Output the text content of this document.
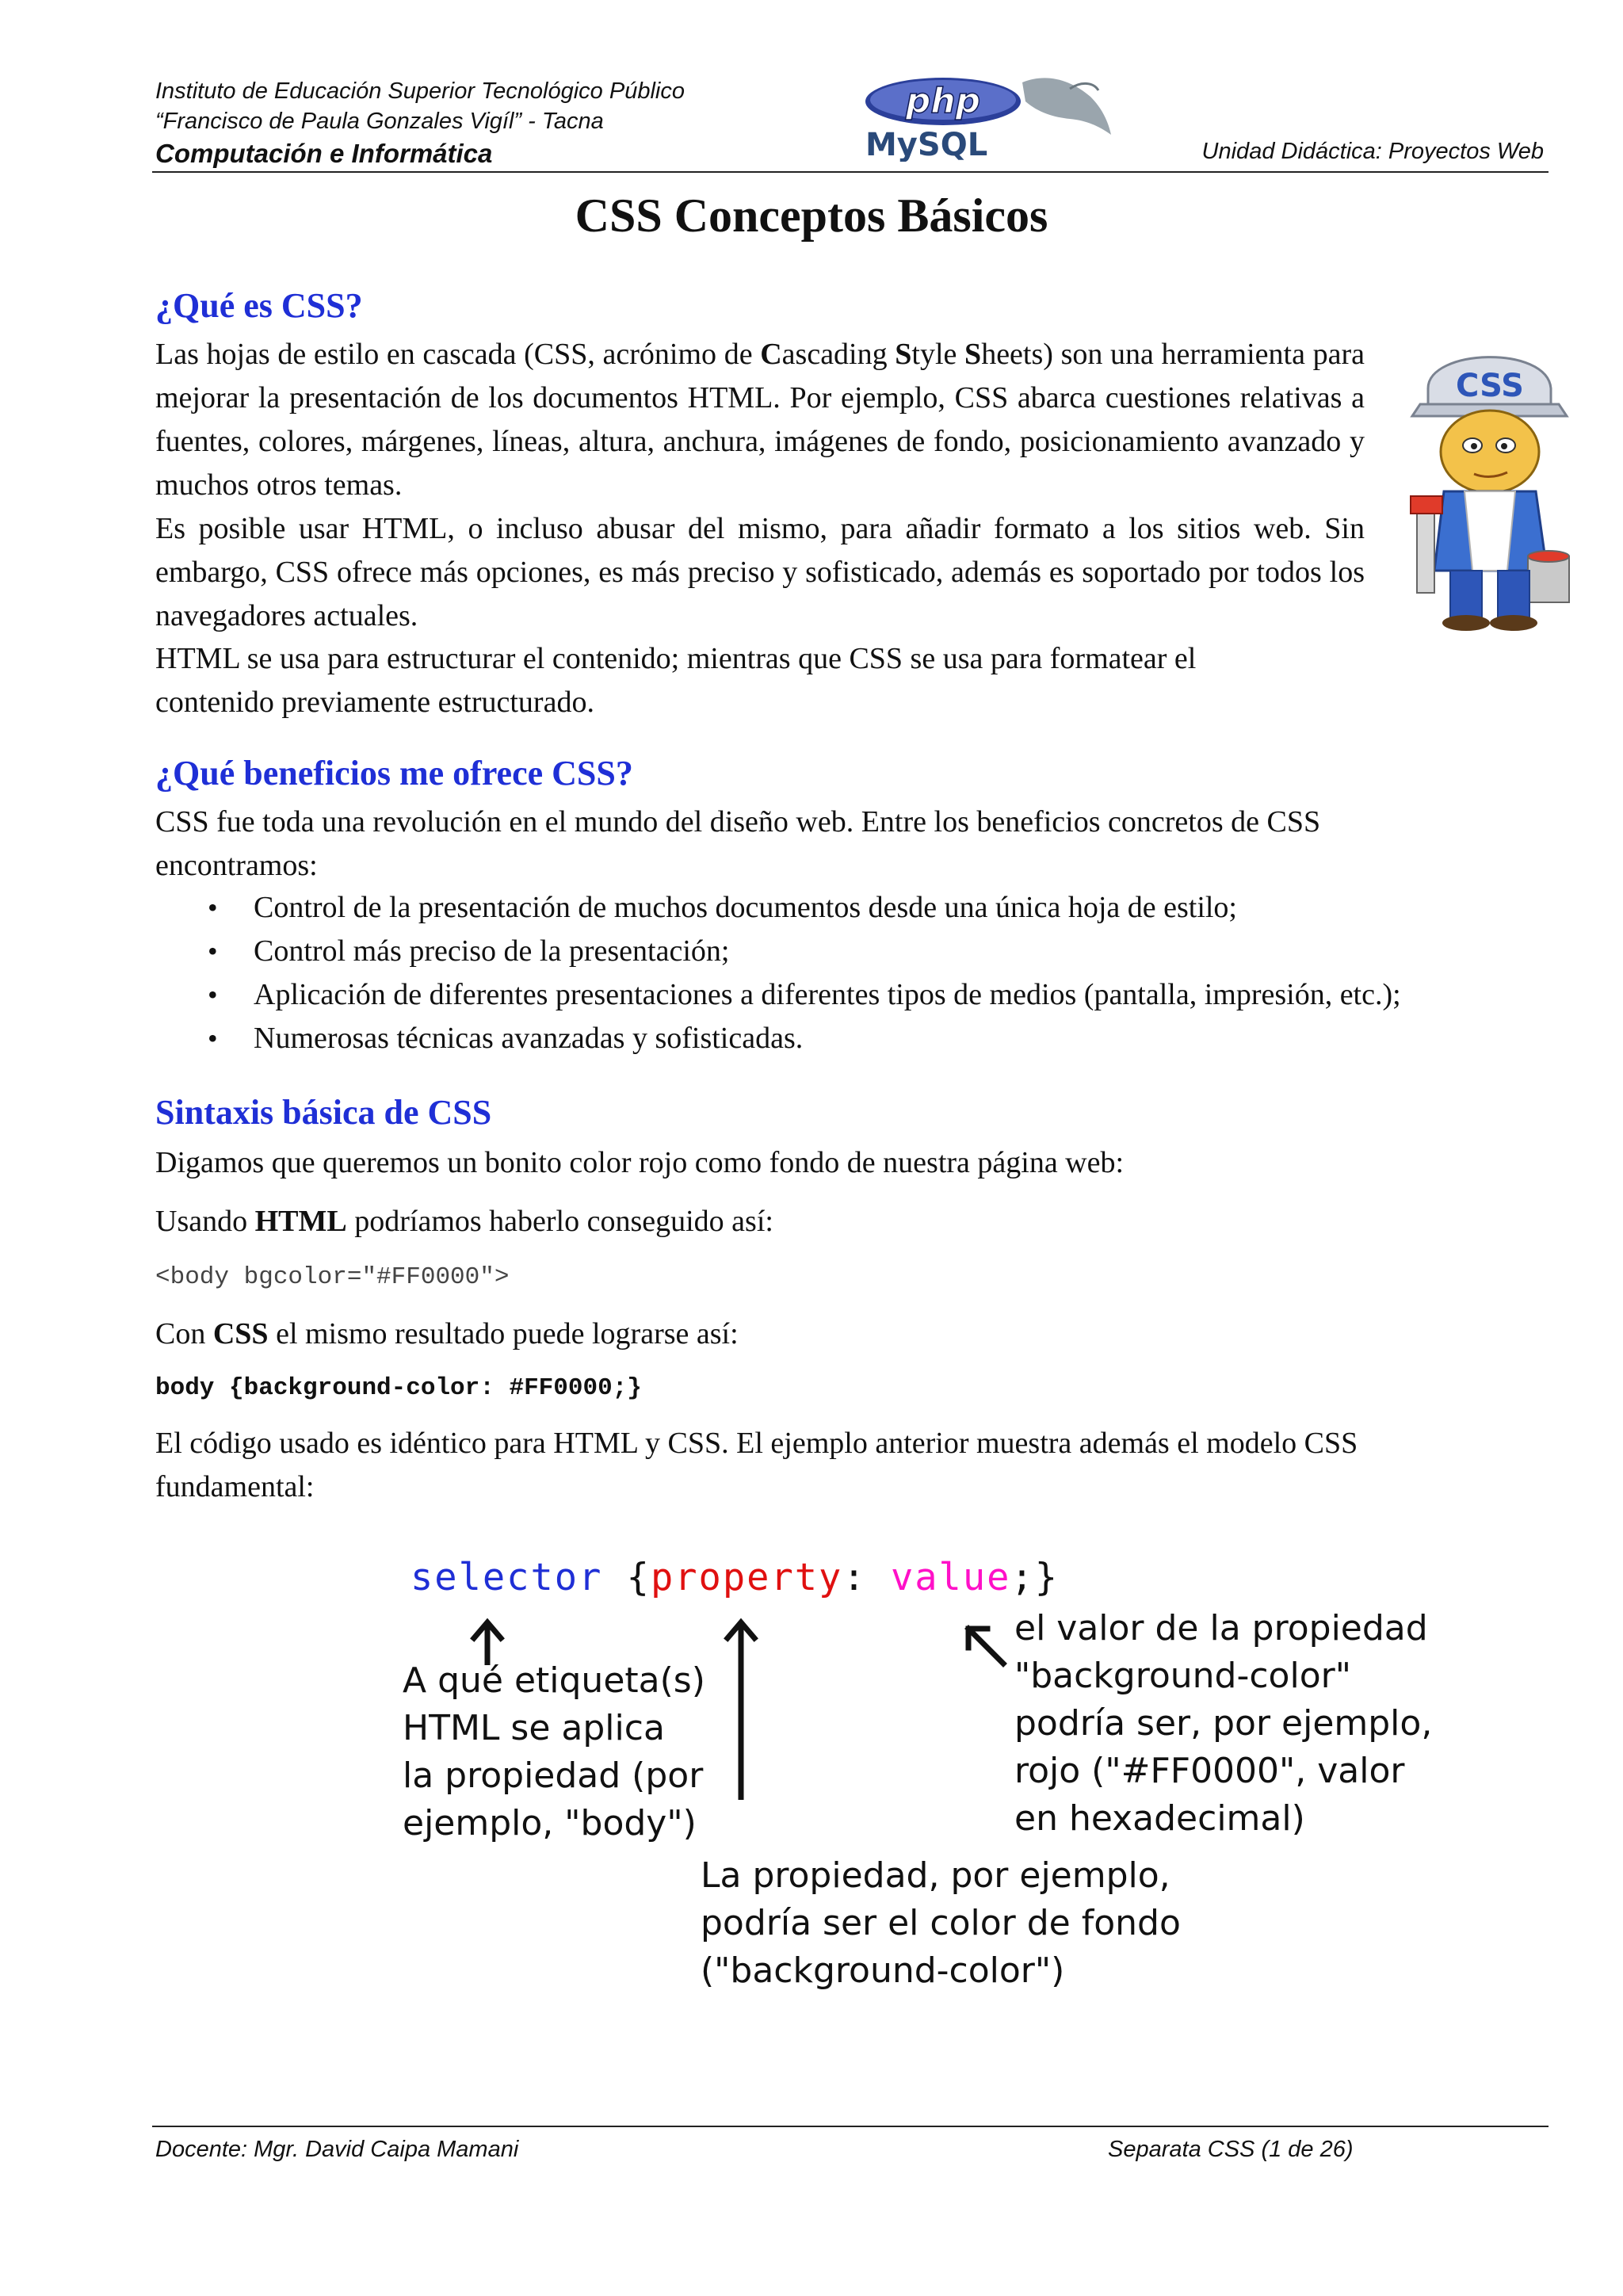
Instituto de Educación Superior Tecnológico Público
“Francisco de Paula Gonzales Vigíl” - Tacna
Computación e Informática
php
MySQL	Unidad Didáctica: Proyectos Web
CSS Conceptos Básicos
¿Qué es CSS?

Las hojas de estilo en cascada (CSS, acrónimo de Cascading Style Sheets) son una herramienta para mejorar la presentación de los documentos HTML. Por ejemplo, CSS abarca cuestiones relativas a fuentes, colores, márgenes, líneas, altura, anchura, imágenes de fondo, posicionamiento avanzado y muchos otros temas.

Es posible usar HTML, o incluso abusar del mismo, para añadir formato a los sitios web. Sin embargo, CSS ofrece más opciones, es más preciso y sofisticado, además es soportado por todos los navegadores actuales.

HTML se usa para estructurar el contenido; mientras que CSS se usa para formatear el

contenido previamente estructurado.

CSS
¿Qué beneficios me ofrece CSS?

CSS fue toda una revolución en el mundo del diseño web. Entre los beneficios concretos de CSS

encontramos:

• Control de la presentación de muchos documentos desde una única hoja de estilo;
• Control más preciso de la presentación;
• Aplicación de diferentes presentaciones a diferentes tipos de medios (pantalla, impresión, etc.);
• Numerosas técnicas avanzadas y sofisticadas.
Sintaxis básica de CSS
Digamos que queremos un bonito color rojo como fondo de nuestra página web:
Usando HTML podríamos haberlo conseguido así:
<body bgcolor="#FF0000">
Con CSS el mismo resultado puede lograrse así:
body {background-color: #FF0000;}

El código usado es idéntico para HTML y CSS. El ejemplo anterior muestra además el modelo CSS

fundamental:

selector {property: value;}
A qué etiqueta(s)
HTML se aplica
la propiedad (por
ejemplo, "body")
el valor de la propiedad
"background-color"
podría ser, por ejemplo,
rojo ("#FF0000", valor
en hexadecimal)
La propiedad, por ejemplo,
podría ser el color de fondo
("background-color")
Docente: Mgr. David Caipa Mamani	Separata CSS (1 de 26)
